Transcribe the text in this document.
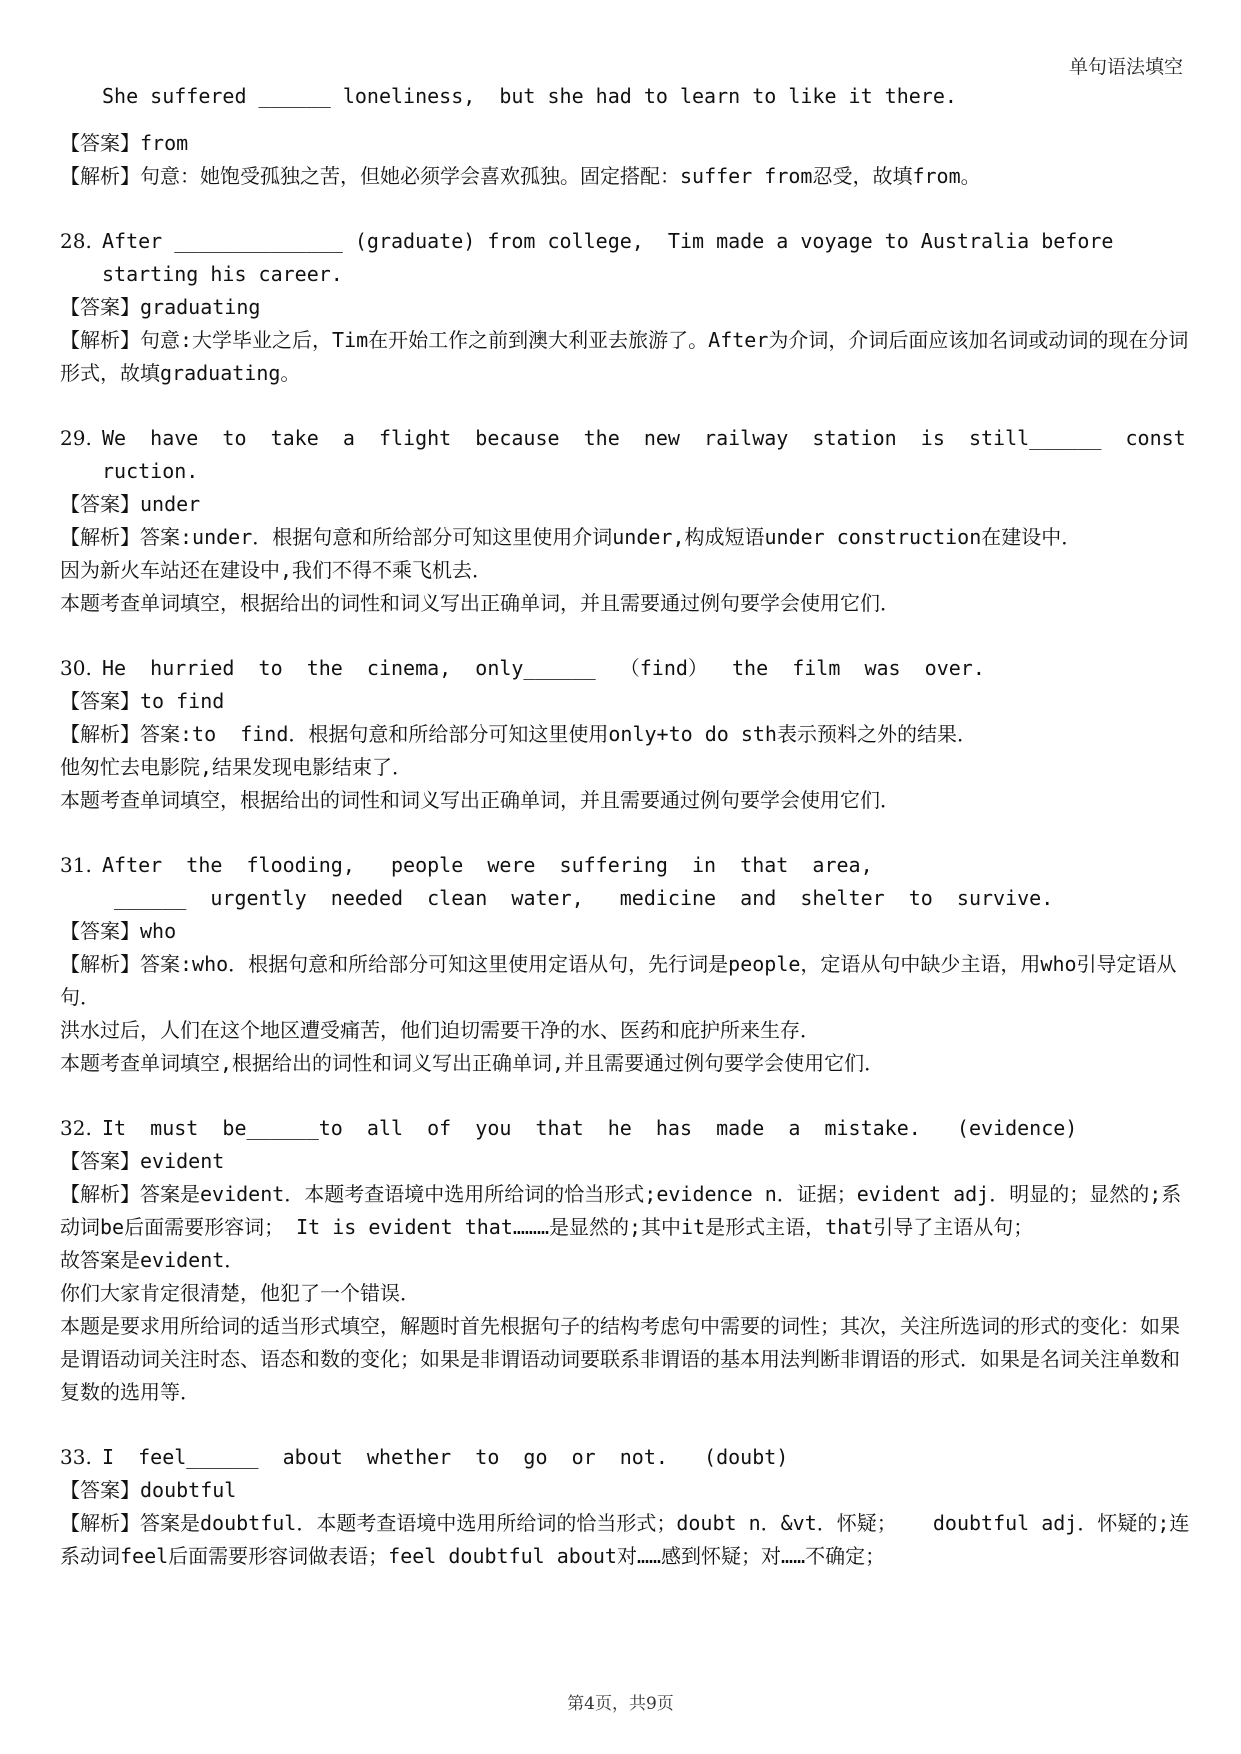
单句语法填空
She suffered ______ loneliness,  but she had to learn to like it there.
【答案】from
【解析】句意：她饱受孤独之苦，但她必须学会喜欢孤独。固定搭配：suffer from忍受，故填from。
28. After ______________ (graduate) from college,  Tim made a voyage to Australia before
starting his career.
【答案】graduating
【解析】句意:大学毕业之后，Tim在开始工作之前到澳大利亚去旅游了。After为介词，介词后面应该加名词或动词的现在分词形式，故填graduating。
29. We  have  to  take  a  flight  because  the  new  railway  station  is  still______  const
ruction.
【答案】under
【解析】答案:under．根据句意和所给部分可知这里使用介词under,构成短语under construction在建设中．
因为新火车站还在建设中,我们不得不乘飞机去．
本题考查单词填空，根据给出的词性和词义写出正确单词，并且需要通过例句要学会使用它们．
30. He  hurried  to  the  cinema,  only______  （find）  the  film  was  over.
【答案】to find
【解析】答案:to  find．根据句意和所给部分可知这里使用only+to do sth表示预料之外的结果．
他匆忙去电影院,结果发现电影结束了．
本题考查单词填空，根据给出的词性和词义写出正确单词，并且需要通过例句要学会使用它们．
31. After  the  flooding,   people  were  suffering  in  that  area,
______  urgently  needed  clean  water,   medicine  and  shelter  to  survive.
【答案】who
【解析】答案:who．根据句意和所给部分可知这里使用定语从句，先行词是people，定语从句中缺少主语，用who引导定语从句．
洪水过后，人们在这个地区遭受痛苦，他们迫切需要干净的水、医药和庇护所来生存．
本题考查单词填空,根据给出的词性和词义写出正确单词,并且需要通过例句要学会使用它们．
32. It  must  be______to  all  of  you  that  he  has  made  a  mistake.   (evidence)
【答案】evident
【解析】答案是evident．本题考查语境中选用所给词的恰当形式;evidence n．证据；evident adj．明显的；显然的;系动词be后面需要形容词； It is evident that………是显然的;其中it是形式主语，that引导了主语从句；
故答案是evident．
你们大家肯定很清楚，他犯了一个错误．
本题是要求用所给词的适当形式填空，解题时首先根据句子的结构考虑句中需要的词性；其次，关注所选词的形式的变化：如果是谓语动词关注时态、语态和数的变化；如果是非谓语动词要联系非谓语的基本用法判断非谓语的形式．如果是名词关注单数和复数的选用等．
33. I  feel______  about  whether  to  go  or  not.   (doubt)
【答案】doubtful
【解析】答案是doubtful．本题考查语境中选用所给词的恰当形式；doubt n．&vt．怀疑；   doubtful adj．怀疑的;连系动词feel后面需要形容词做表语；feel doubtful about对……感到怀疑；对……不确定；
第4页，共9页
